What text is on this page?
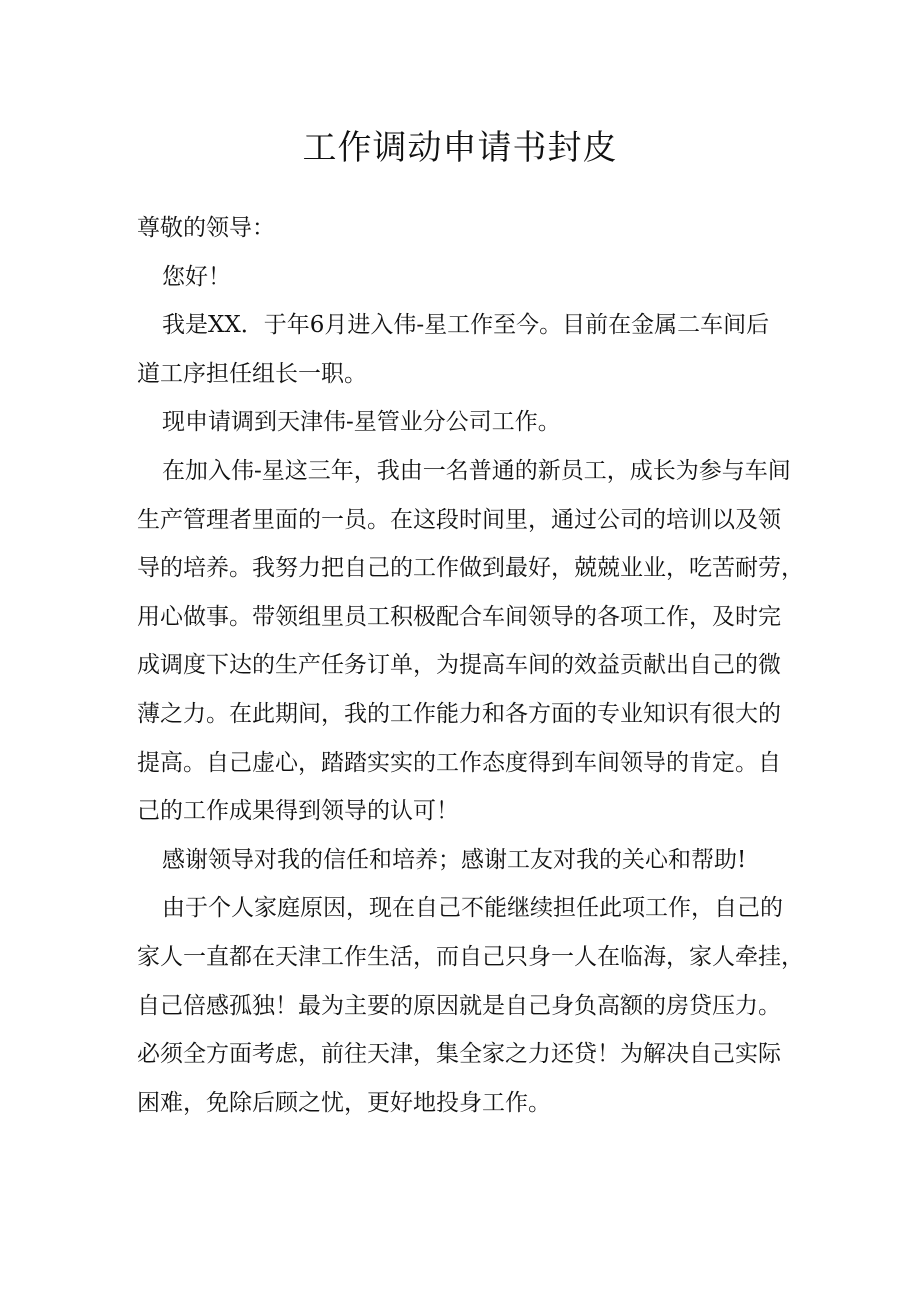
工作调动申请书封皮
尊敬的领导：
您好！
我是XX．于年6月进入伟-星工作至今。目前在金属二车间后
道工序担任组长一职。
现申请调到天津伟-星管业分公司工作。
在加入伟-星这三年，我由一名普通的新员工，成长为参与车间
生产管理者里面的一员。在这段时间里，通过公司的培训以及领
导的培养。我努力把自己的工作做到最好，兢兢业业，吃苦耐劳，
用心做事。带领组里员工积极配合车间领导的各项工作，及时完
成调度下达的生产任务订单，为提高车间的效益贡献出自己的微
薄之力。在此期间，我的工作能力和各方面的专业知识有很大的
提高。自己虚心，踏踏实实的工作态度得到车间领导的肯定。自
己的工作成果得到领导的认可！
感谢领导对我的信任和培养；感谢工友对我的关心和帮助!
由于个人家庭原因，现在自己不能继续担任此项工作，自己的
家人一直都在天津工作生活，而自己只身一人在临海，家人牵挂，
自己倍感孤独！最为主要的原因就是自己身负高额的房贷压力。
必须全方面考虑，前往天津，集全家之力还贷！为解决自己实际
困难，免除后顾之忧，更好地投身工作。
